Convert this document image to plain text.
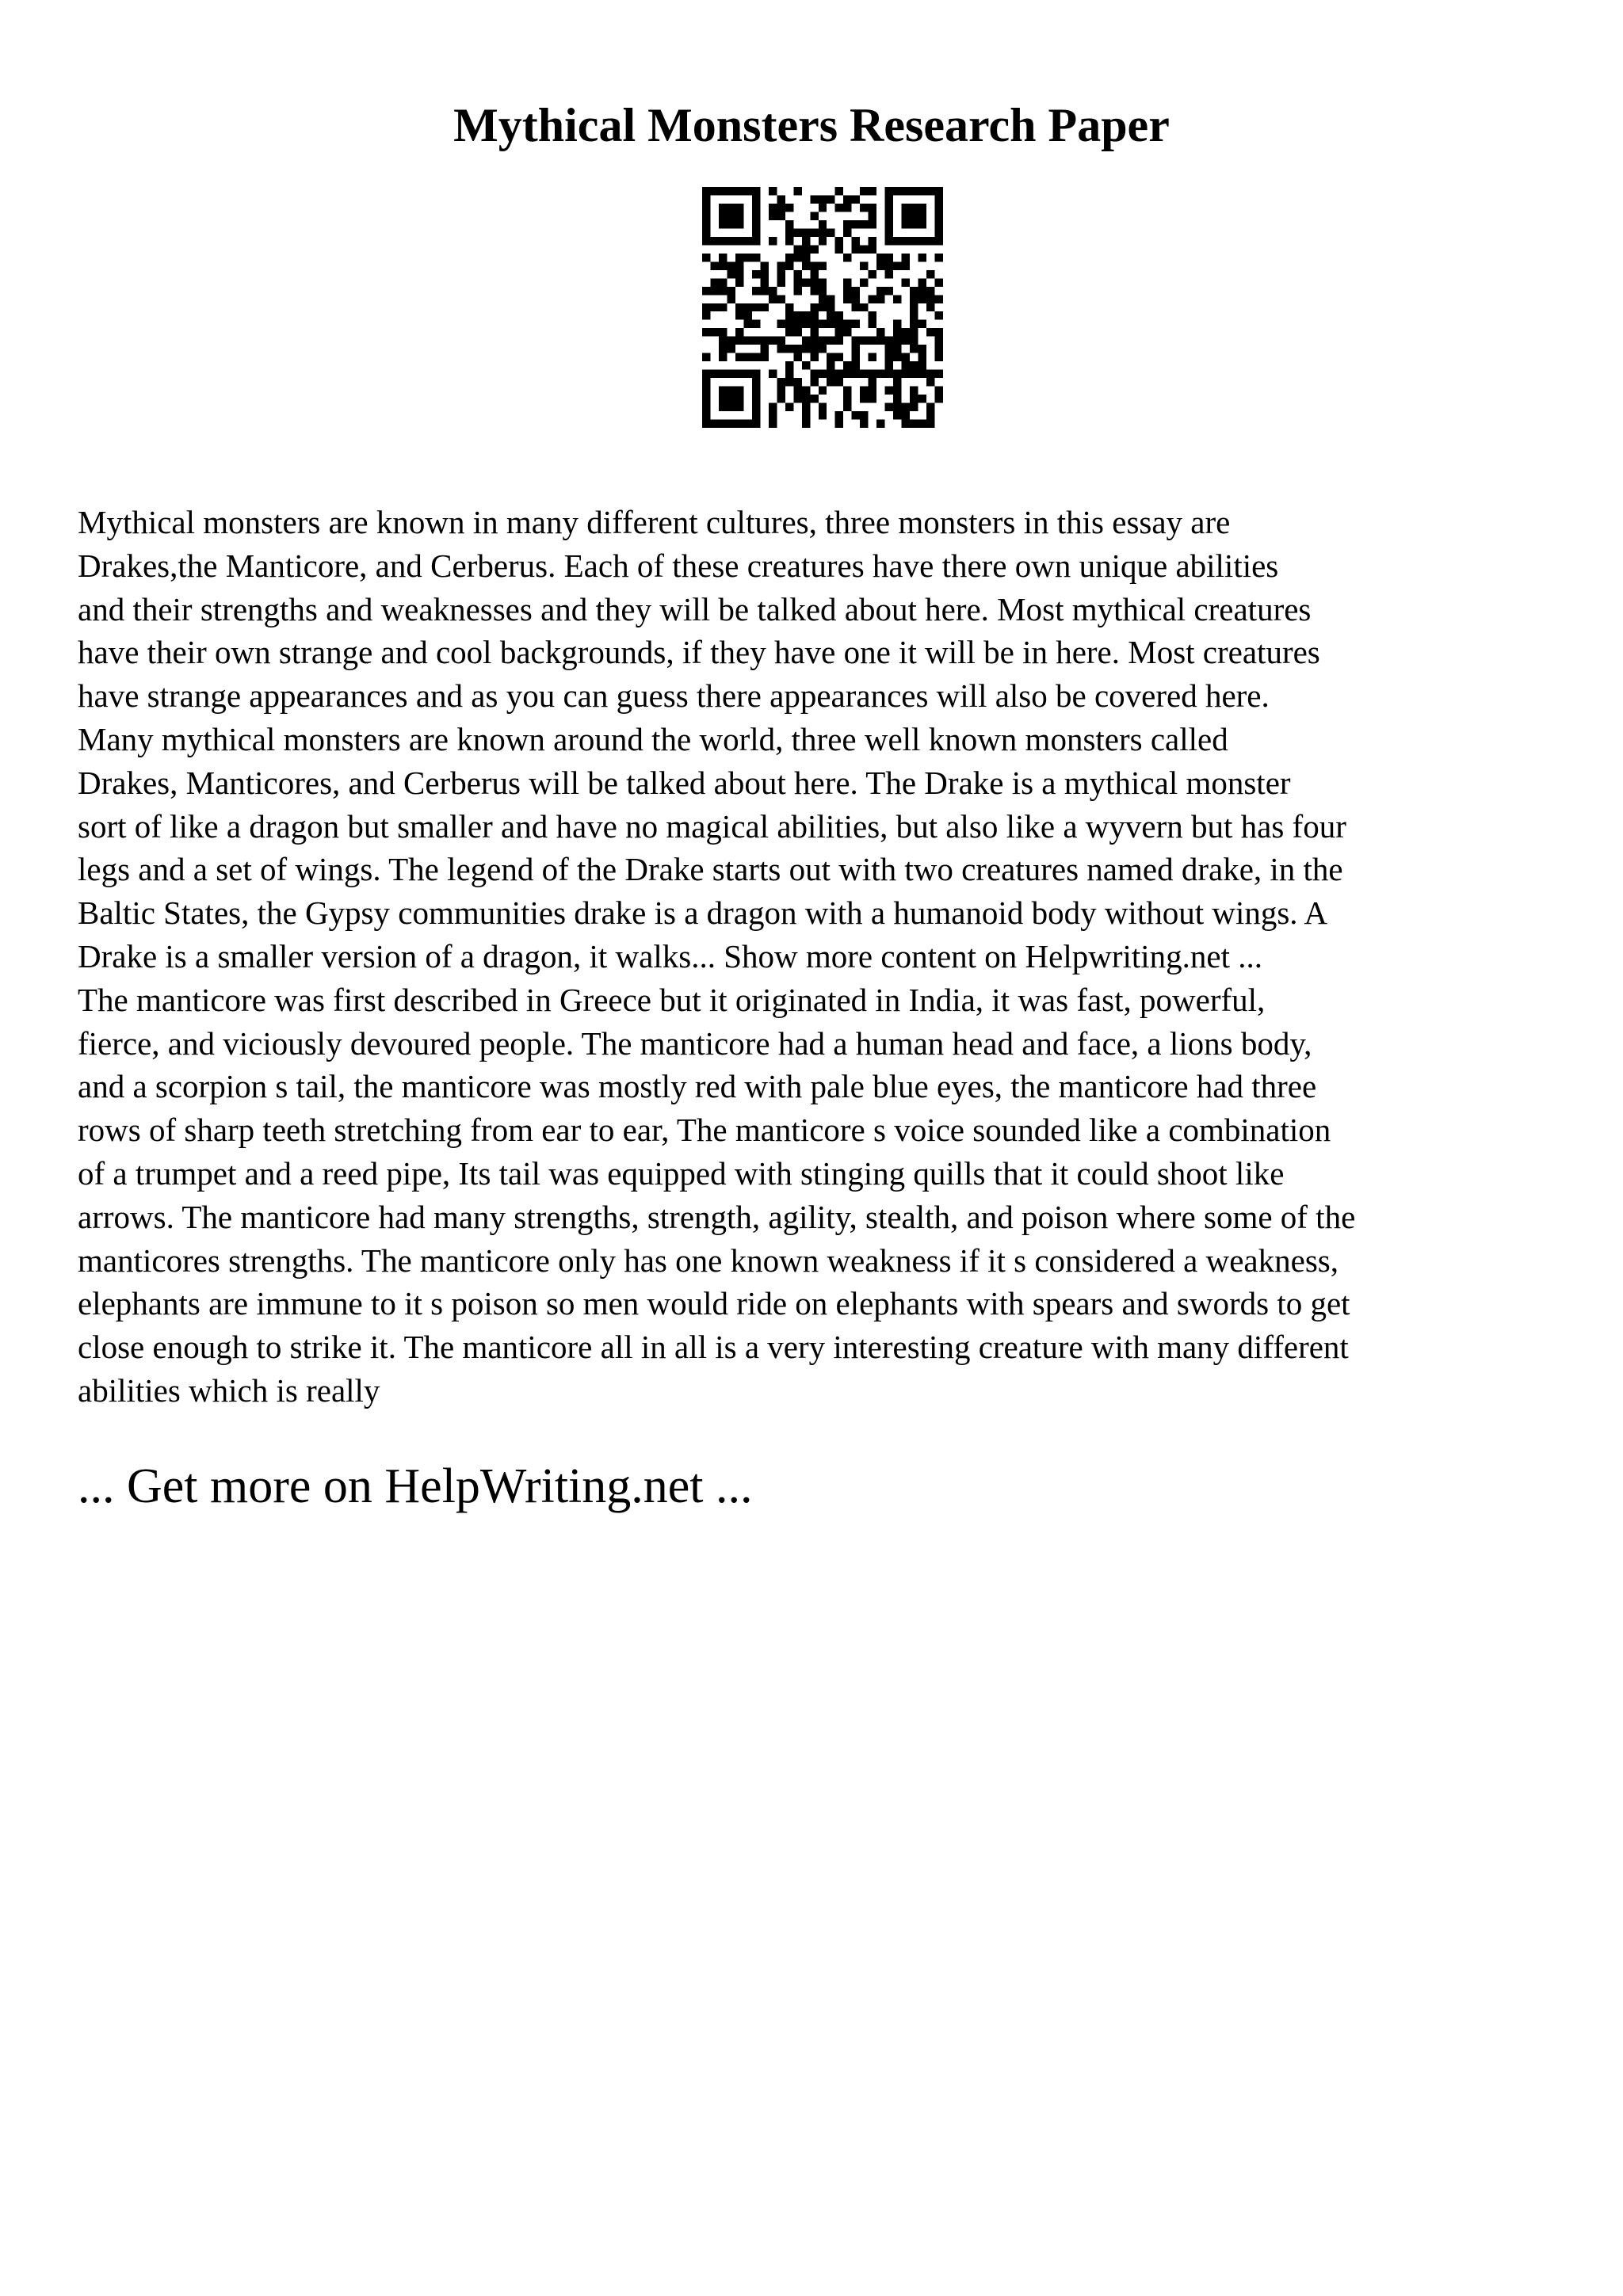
Mythical Monsters Research Paper
Mythical monsters are known in many different cultures, three monsters in this essay are
Drakes,the Manticore, and Cerberus. Each of these creatures have there own unique abilities
and their strengths and weaknesses and they will be talked about here. Most mythical creatures
have their own strange and cool backgrounds, if they have one it will be in here. Most creatures
have strange appearances and as you can guess there appearances will also be covered here.
Many mythical monsters are known around the world, three well known monsters called
Drakes, Manticores, and Cerberus will be talked about here. The Drake is a mythical monster
sort of like a dragon but smaller and have no magical abilities, but also like a wyvern but has four
legs and a set of wings. The legend of the Drake starts out with two creatures named drake, in the
Baltic States, the Gypsy communities drake is a dragon with a humanoid body without wings. A
Drake is a smaller version of a dragon, it walks... Show more content on Helpwriting.net ...
The manticore was first described in Greece but it originated in India, it was fast, powerful,
fierce, and viciously devoured people. The manticore had a human head and face, a lions body,
and a scorpion s tail, the manticore was mostly red with pale blue eyes, the manticore had three
rows of sharp teeth stretching from ear to ear, The manticore s voice sounded like a combination
of a trumpet and a reed pipe, Its tail was equipped with stinging quills that it could shoot like
arrows. The manticore had many strengths, strength, agility, stealth, and poison where some of the
manticores strengths. The manticore only has one known weakness if it s considered a weakness,
elephants are immune to it s poison so men would ride on elephants with spears and swords to get
close enough to strike it. The manticore all in all is a very interesting creature with many different
abilities which is really
... Get more on HelpWriting.net ...
